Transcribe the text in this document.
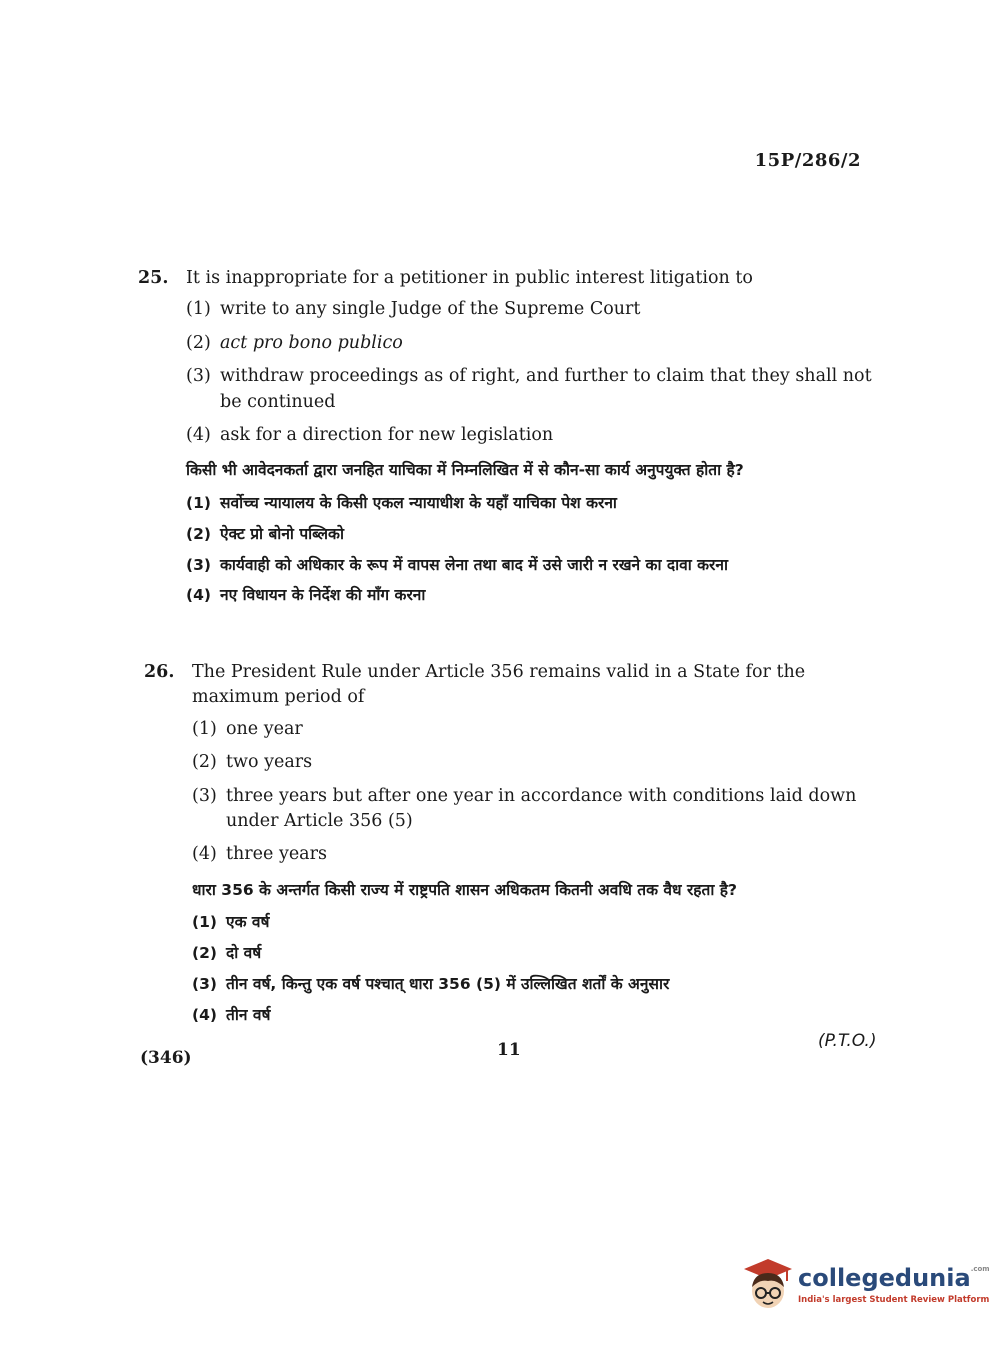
15P/286/2
25.	It is inappropriate for a petitioner in public interest litigation to
(1) write to any single Judge of the Supreme Court
(2) act pro bono publico
(3) withdraw proceedings as of right, and further to claim that they shall not be continued
(4) ask for a direction for new legislation
किसी भी आवेदनकर्ता द्वारा जनहित याचिका में निम्नलिखित में से कौन-सा कार्य अनुपयुक्त होता है?
(1) सर्वोच्च न्यायालय के किसी एकल न्यायाधीश के यहाँ याचिका पेश करना
(2) ऐक्ट प्रो बोनो पब्लिको
(3) कार्यवाही को अधिकार के रूप में वापस लेना तथा बाद में उसे जारी न रखने का दावा करना
(4) नए विधायन के निर्देश की माँग करना
26.	The President Rule under Article 356 remains valid in a State for the maximum period of
(1) one year
(2) two years
(3) three years but after one year in accordance with conditions laid down under Article 356 (5)
(4) three years
धारा 356 के अन्तर्गत किसी राज्य में राष्ट्रपति शासन अधिकतम कितनी अवधि तक वैध रहता है?
(1) एक वर्ष
(2) दो वर्ष
(3) तीन वर्ष, किन्तु एक वर्ष पश्चात् धारा 356 (5) में उल्लिखित शर्तों के अनुसार
(4) तीन वर्ष
(346)	11	(P.T.O.)
collegedunia$^{.com}$
India's largest Student Review Platform
